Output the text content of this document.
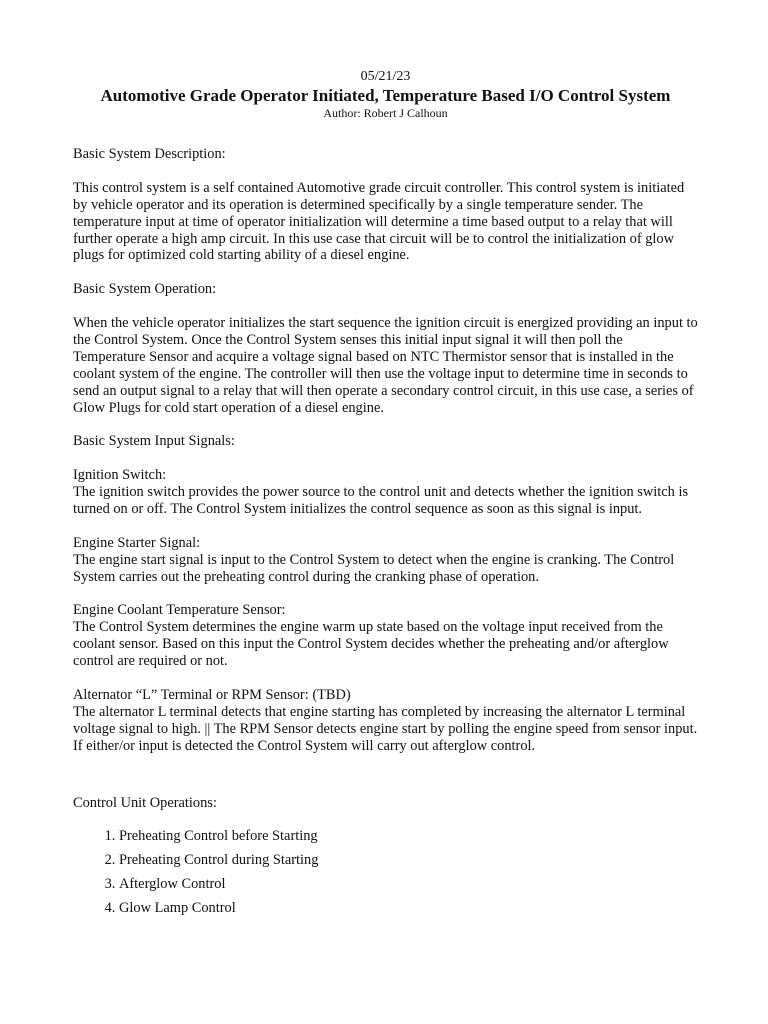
05/21/23
Automotive Grade Operator Initiated, Temperature Based I/O Control System
Author: Robert J Calhoun

Basic System Description:

This control system is a self contained Automotive grade circuit controller. This control system is initiated by vehicle operator and its operation is determined specifically by a single temperature sender. The temperature input at time of operator initialization will determine a time based output to a relay that will further operate a high amp circuit. In this use case that circuit will be to control the initialization of glow plugs for optimized cold starting ability of a diesel engine.

Basic System Operation:

When the vehicle operator initializes the start sequence the ignition circuit is energized providing an input to the Control System. Once the Control System senses this initial input signal it will then poll the Temperature Sensor and acquire a voltage signal based on NTC Thermistor sensor that is installed in the coolant system of the engine. The controller will then use the voltage input to determine time in seconds to send an output signal to a relay that will then operate a secondary control circuit, in this use case, a series of Glow Plugs for cold start operation of a diesel engine.

Basic System Input Signals:

Ignition Switch:

The ignition switch provides the power source to the control unit and detects whether the ignition switch is turned on or off. The Control System initializes the control sequence as soon as this signal is input.

Engine Starter Signal:

The engine start signal is input to the Control System to detect when the engine is cranking. The Control System carries out the preheating control during the cranking phase of operation.

Engine Coolant Temperature Sensor:

The Control System determines the engine warm up state based on the voltage input received from the coolant sensor. Based on this input the Control System decides whether the preheating and/or afterglow control are required or not.

Alternator “L” Terminal or RPM Sensor: (TBD)

The alternator L terminal detects that engine starting has completed by increasing the alternator L terminal voltage signal to high. || The RPM Sensor detects engine start by polling the engine speed from sensor input. If either/or input is detected the Control System will carry out afterglow control.

Control Unit Operations:

1. Preheating Control before Starting
2. Preheating Control during Starting
3. Afterglow Control
4. Glow Lamp Control
